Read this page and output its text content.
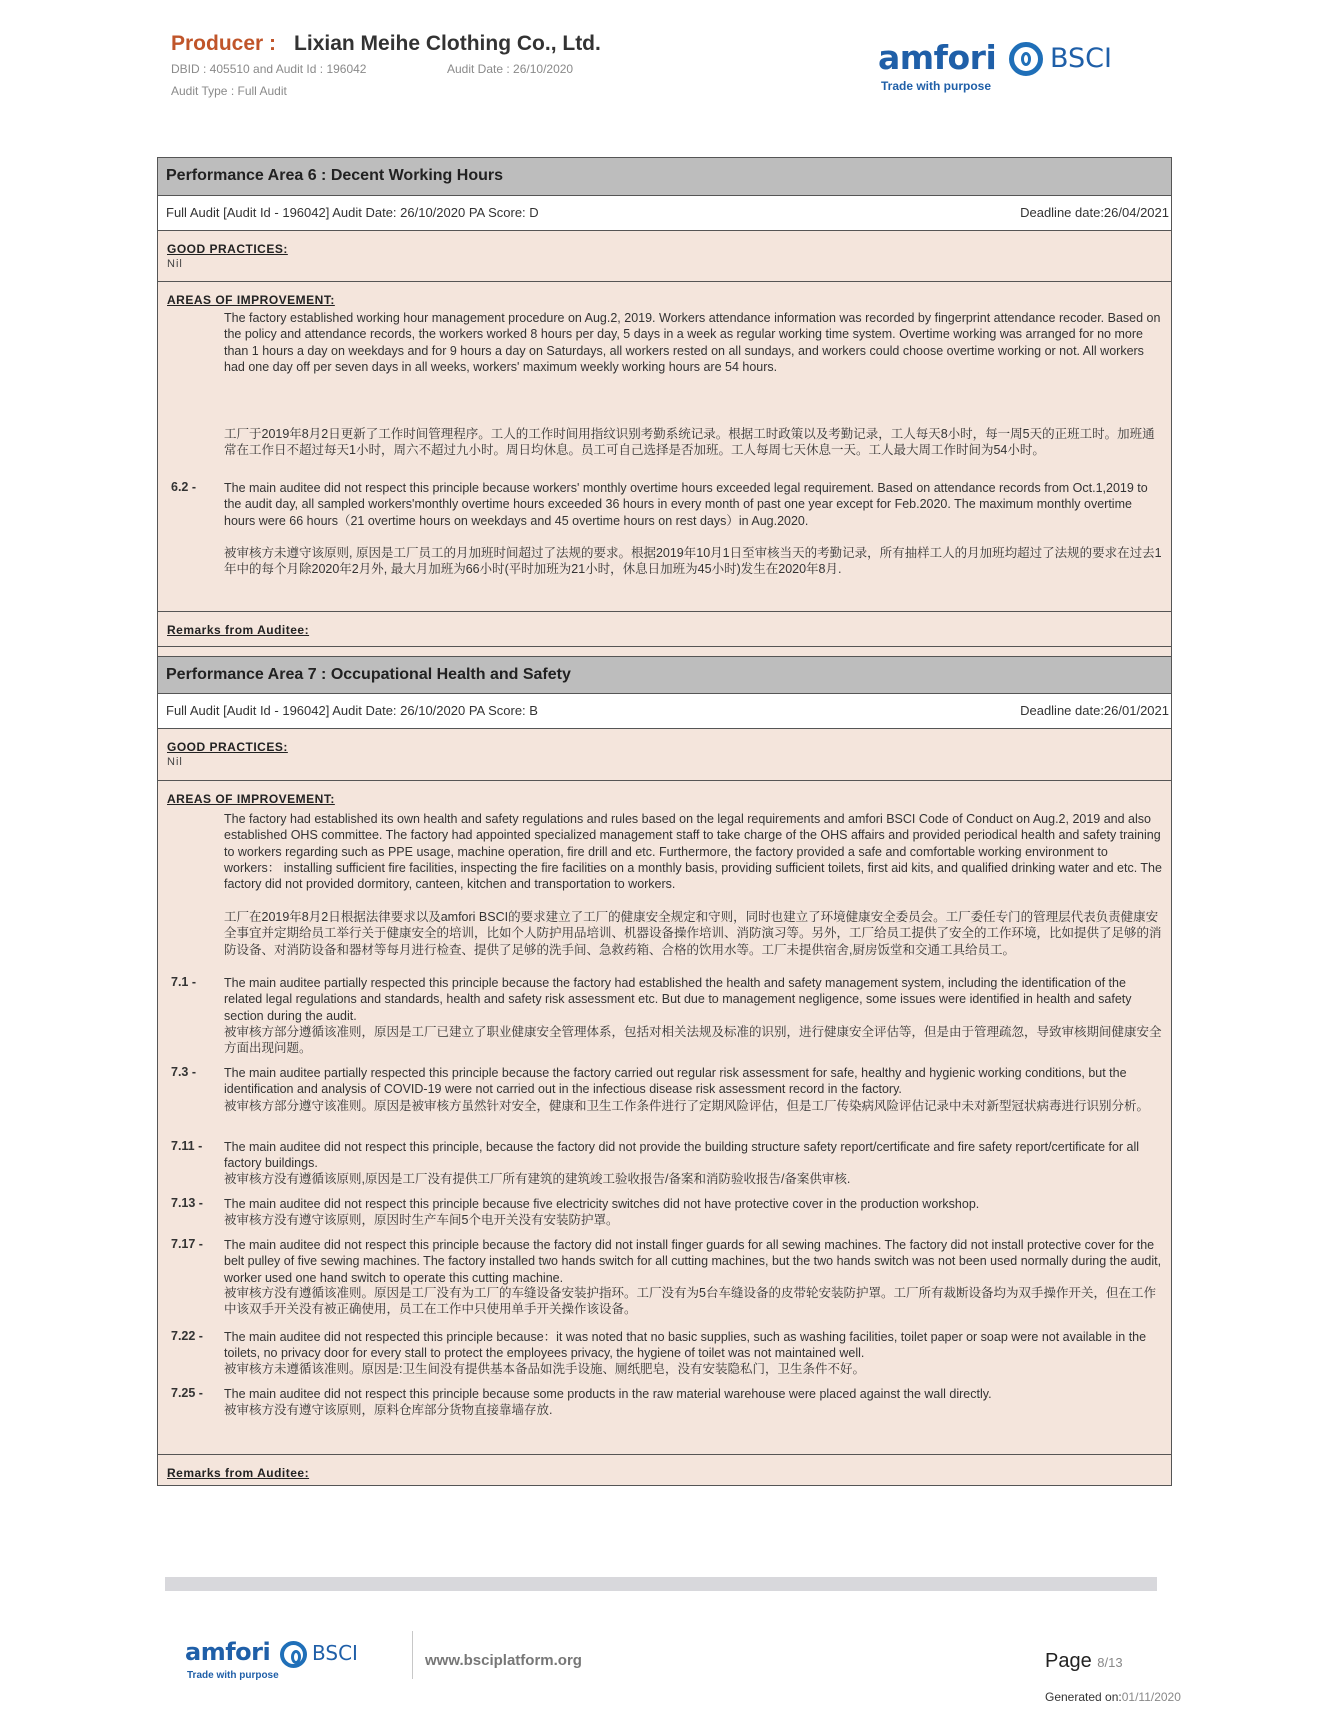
Producer : Lixian Meihe Clothing Co., Ltd.
DBID : 405510 and Audit Id : 196042	Audit Date : 26/10/2020
Audit Type : Full Audit
amfori BSCI
Trade with purpose
Performance Area 6 : Decent Working Hours
Full Audit [Audit Id - 196042] Audit Date: 26/10/2020 PA Score: D	Deadline date:26/04/2021
GOOD PRACTICES:
Nil
AREAS OF IMPROVEMENT:
The factory established working hour management procedure on Aug.2, 2019. Workers attendance information was recorded by fingerprint attendance recoder. Based on the policy and attendance records, the workers worked 8 hours per day, 5 days in a week as regular working time system. Overtime working was arranged for no more than 1 hours a day on weekdays and for 9 hours a day on Saturdays, all workers rested on all sundays, and workers could choose overtime working or not. All workers had one day off per seven days in all weeks, workers' maximum weekly working hours are 54 hours.
工厂于2019年8月2日更新了工作时间管理程序。工人的工作时间用指纹识别考勤系统记录。根据工时政策以及考勤记录，工人每天8小时，每一周5天的正班工时。加班通常在工作日不超过每天1小时，周六不超过九小时。周日均休息。员工可自己选择是否加班。工人每周七天休息一天。工人最大周工作时间为54小时。
6.2 - The main auditee did not respect this principle because workers' monthly overtime hours exceeded legal requirement. Based on attendance records from Oct.1,2019 to the audit day, all sampled workers'monthly overtime hours exceeded 36 hours in every month of past one year except for Feb.2020. The maximum monthly overtime hours were 66 hours（21 overtime hours on weekdays and 45 overtime hours on rest days）in Aug.2020.
被审核方未遵守该原则, 原因是工厂员工的月加班时间超过了法规的要求。根据2019年10月1日至审核当天的考勤记录，所有抽样工人的月加班均超过了法规的要求在过去1年中的每个月除2020年2月外, 最大月加班为66小时(平时加班为21小时，休息日加班为45小时)发生在2020年8月.
Remarks from Auditee:
Performance Area 7 : Occupational Health and Safety
Full Audit [Audit Id - 196042] Audit Date: 26/10/2020 PA Score: B	Deadline date:26/01/2021
GOOD PRACTICES:
Nil
AREAS OF IMPROVEMENT:
The factory had established its own health and safety regulations and rules based on the legal requirements and amfori BSCI Code of Conduct on Aug.2, 2019 and also established OHS committee. The factory had appointed specialized management staff to take charge of the OHS affairs and provided periodical health and safety training to workers regarding such as PPE usage, machine operation, fire drill and etc. Furthermore, the factory provided a safe and comfortable working environment to workers： installing sufficient fire facilities, inspecting the fire facilities on a monthly basis, providing sufficient toilets, first aid kits, and qualified drinking water and etc. The factory did not provided dormitory, canteen, kitchen and transportation to workers.
工厂在2019年8月2日根据法律要求以及amfori BSCI的要求建立了工厂的健康安全规定和守则，同时也建立了环境健康安全委员会。工厂委任专门的管理层代表负责健康安全事宜并定期给员工举行关于健康安全的培训，比如个人防护用品培训、机器设备操作培训、消防演习等。另外，工厂给员工提供了安全的工作环境，比如提供了足够的消防设备、对消防设备和器材等每月进行检查、提供了足够的洗手间、急救药箱、合格的饮用水等。工厂未提供宿舍,厨房饭堂和交通工具给员工。
7.1 - The main auditee partially respected this principle because the factory had established the health and safety management system, including the identification of the related legal regulations and standards, health and safety risk assessment etc. But due to management negligence, some issues were identified in health and safety section during the audit.
被审核方部分遵循该准则，原因是工厂已建立了职业健康安全管理体系，包括对相关法规及标准的识别，进行健康安全评估等，但是由于管理疏忽，导致审核期间健康安全方面出现问题。
7.3 - The main auditee partially respected this principle because the factory carried out regular risk assessment for safe, healthy and hygienic working conditions, but the identification and analysis of COVID-19 were not carried out in the infectious disease risk assessment record in the factory.
被审核方部分遵守该准则。原因是被审核方虽然针对安全，健康和卫生工作条件进行了定期风险评估，但是工厂传染病风险评估记录中未对新型冠状病毒进行识别分析。
7.11 - The main auditee did not respect this principle, because the factory did not provide the building structure safety report/certificate and fire safety report/certificate for all factory buildings.
被审核方没有遵循该原则,原因是工厂没有提供工厂所有建筑的建筑竣工验收报告/备案和消防验收报告/备案供审核.
7.13 - The main auditee did not respect this principle because five electricity switches did not have protective cover in the production workshop.
被审核方没有遵守该原则，原因时生产车间5个电开关没有安装防护罩。
7.17 - The main auditee did not respect this principle because the factory did not install finger guards for all sewing machines. The factory did not install protective cover for the belt pulley of five sewing machines. The factory installed two hands switch for all cutting machines, but the two hands switch was not been used normally during the audit, worker used one hand switch to operate this cutting machine.
被审核方没有遵循该准则。原因是工厂没有为工厂的车缝设备安装护指环。工厂没有为5台车缝设备的皮带轮安装防护罩。工厂所有裁断设备均为双手操作开关，但在工作中该双手开关没有被正确使用，员工在工作中只使用单手开关操作该设备。
7.22 - The main auditee did not respected this principle because：it was noted that no basic supplies, such as washing facilities, toilet paper or soap were not available in the toilets, no privacy door for every stall to protect the employees privacy, the hygiene of toilet was not maintained well.
被审核方未遵循该准则。原因是:卫生间没有提供基本备品如洗手设施、厕纸肥皂，没有安装隐私门，卫生条件不好。
7.25 - The main auditee did not respect this principle because some products in the raw material warehouse were placed against the wall directly.
被审核方没有遵守该原则，原料仓库部分货物直接靠墙存放.
Remarks from Auditee:
amfori BSCI
Trade with purpose
www.bsciplatform.org	Page 8/13
Generated on:01/11/2020
